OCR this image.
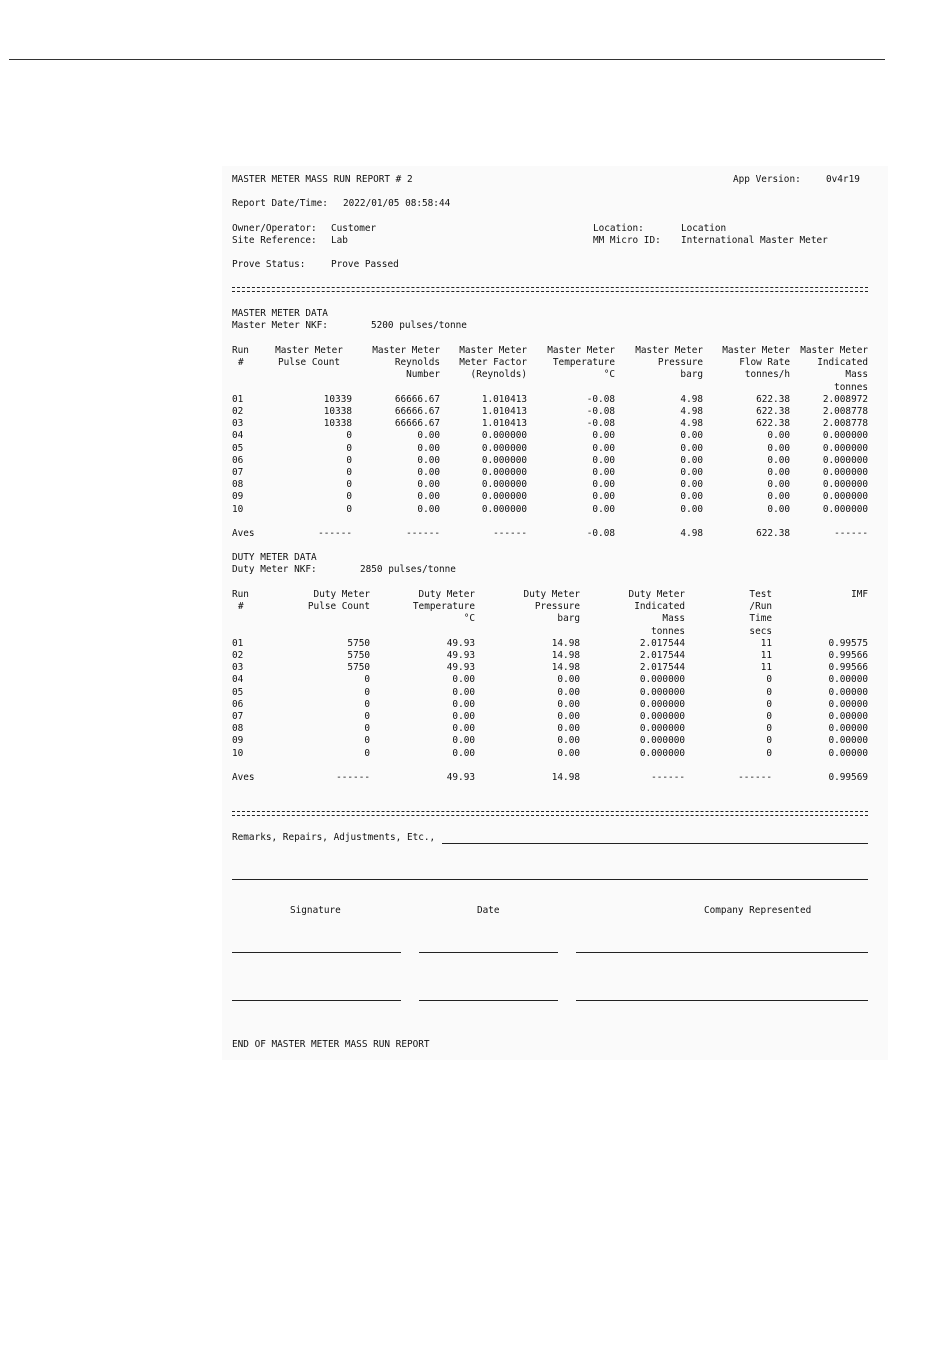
MASTER METER MASS RUN REPORT # 2	App Version:	0v4r19
Report Date/Time: 2022/01/05 08:58:44
Owner/Operator: Customer	Location:	Location
Site Reference: Lab	MM Micro ID: International Master Meter
Prove Status:	Prove Passed
MASTER METER DATA
Master Meter NKF:	5200 pulses/tonne
Run	Master Meter	Master Meter	Master Meter	Master Meter	Master Meter	Master Meter	Master Meter
#	Pulse Count	Reynolds	Meter Factor	Temperature	Pressure	Flow Rate	Indicated
		Number	(Reynolds)	°C	barg	tonnes/h	Mass
							tonnes
01	10339	66666.67	1.010413	-0.08	4.98	622.38	2.008972
02	10338	66666.67	1.010413	-0.08	4.98	622.38	2.008778
03	10338	66666.67	1.010413	-0.08	4.98	622.38	2.008778
04	0	0.00	0.000000	0.00	0.00	0.00	0.000000
05	0	0.00	0.000000	0.00	0.00	0.00	0.000000
06	0	0.00	0.000000	0.00	0.00	0.00	0.000000
07	0	0.00	0.000000	0.00	0.00	0.00	0.000000
08	0	0.00	0.000000	0.00	0.00	0.00	0.000000
09	0	0.00	0.000000	0.00	0.00	0.00	0.000000
10	0	0.00	0.000000	0.00	0.00	0.00	0.000000

Aves	------	------	------	-0.08	4.98	622.38	------
DUTY METER DATA
Duty Meter NKF:	2850 pulses/tonne
Run	Duty Meter	Duty Meter	Duty Meter	Duty Meter	Test	IMF
#	Pulse Count	Temperature	Pressure	Indicated	/Run	
		°C	barg	Mass	Time	
				tonnes	secs	
01	5750	49.93	14.98	2.017544	11	0.99575
02	5750	49.93	14.98	2.017544	11	0.99566
03	5750	49.93	14.98	2.017544	11	0.99566
04	0	0.00	0.00	0.000000	0	0.00000
05	0	0.00	0.00	0.000000	0	0.00000
06	0	0.00	0.00	0.000000	0	0.00000
07	0	0.00	0.00	0.000000	0	0.00000
08	0	0.00	0.00	0.000000	0	0.00000
09	0	0.00	0.00	0.000000	0	0.00000
10	0	0.00	0.00	0.000000	0	0.00000

Aves	------	49.93	14.98	------	------	0.99569
Remarks, Repairs, Adjustments, Etc.,
Signature	Date	Company Represented
END OF MASTER METER MASS RUN REPORT
